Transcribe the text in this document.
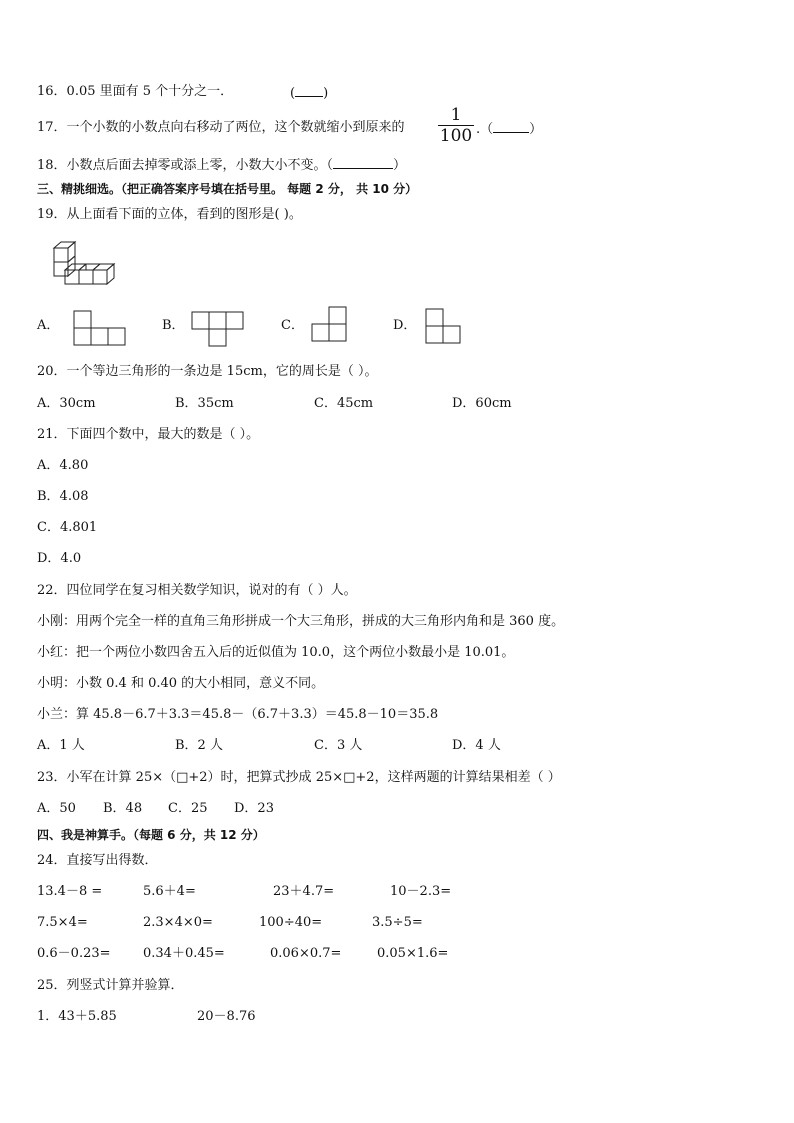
16．0.05 里面有 5 个十分之一．	( )
17．一个小数的小数点向右移动了两位，这个数就缩小到原来的
1
100 .（	）
18．小数点后面去掉零或添上零，小数大小不变。（	）
三、精挑细选。（把正确答案序号填在括号里。 每题 2 分， 共 10 分）
19．从上面看下面的立体，看到的图形是( )。
A．	B．	C．	D．
20．一个等边三角形的一条边是 15cm，它的周长是（ ）。
A．30cm	B．35cm	C．45cm	D．60cm
21．下面四个数中，最大的数是（ ）。
A．4.80
B．4.08
C．4.801
D．4.0
22．四位同学在复习相关数学知识，说对的有（ ）人。
小刚：用两个完全一样的直角三角形拼成一个大三角形，拼成的大三角形内角和是 360 度。
小红：把一个两位小数四舍五入后的近似值为 10.0，这个两位小数最小是 10.01。
小明：小数 0.4 和 0.40 的大小相同，意义不同。
小兰：算 45.8－6.7＋3.3＝45.8－（6.7＋3.3）＝45.8－10＝35.8
A．1 人	B．2 人	C．3 人	D．4 人
23．小军在计算 25×（□+2）时，把算式抄成 25×□+2，这样两题的计算结果相差（ ）
A．50 B．48 C．25 D．23
四、我是神算手。（每题 6 分，共 12 分）
24．直接写出得数．
13.4－8 =	5.6＋4=	23＋4.7=	10－2.3=
7.5×4=	2.3×4×0=	100÷40=	3.5÷5=
0.6－0.23= 0.34＋0.45=	0.06×0.7=	0.05×1.6=
25．列竖式计算并验算．
1．43＋5.85	20－8.76
